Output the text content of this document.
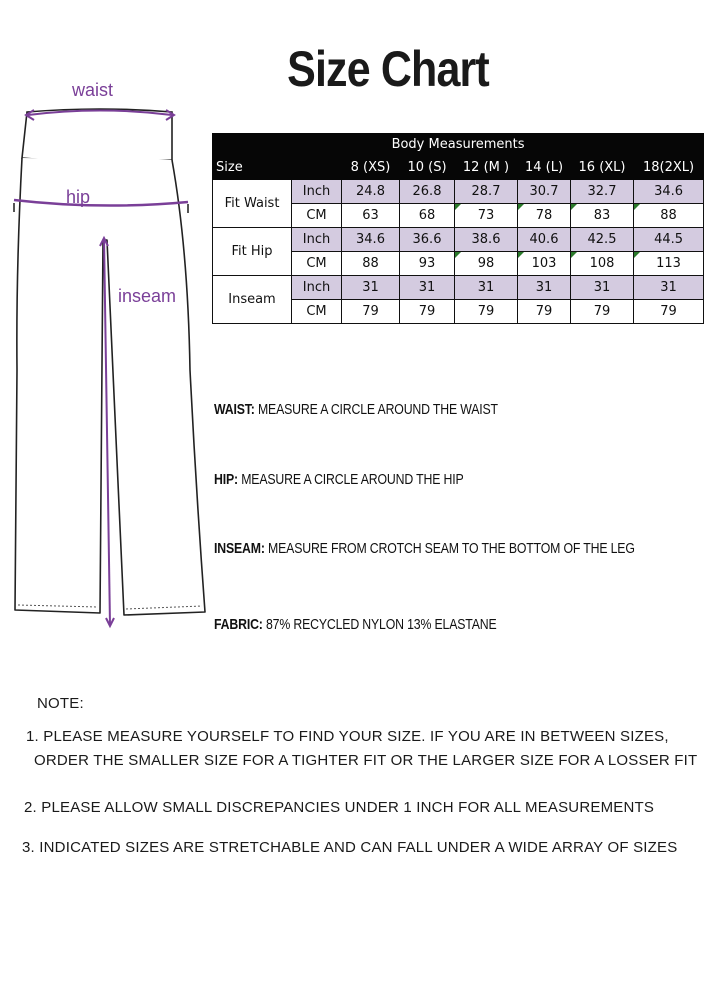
Size Chart
waist
hip
inseam
Body Measurements							
Size		8 (XS)	10 (S)	12 (M )	14 (L)	16 (XL)	18(2XL)
Fit Waist	Inch	24.8	26.8	28.7	30.7	32.7	34.6
	CM	63	68	73	78	83	88
Fit Hip	Inch	34.6	36.6	38.6	40.6	42.5	44.5
	CM	88	93	98	103	108	113
Inseam	Inch	31	31	31	31	31	31
	CM	79	79	79	79	79	79
WAIST: MEASURE A CIRCLE AROUND THE WAIST
HIP: MEASURE A CIRCLE AROUND THE HIP
INSEAM: MEASURE FROM CROTCH SEAM TO THE BOTTOM OF THE LEG
FABRIC: 87% RECYCLED NYLON 13% ELASTANE
NOTE:
1. PLEASE MEASURE YOURSELF TO FIND YOUR SIZE. IF YOU ARE IN BETWEEN SIZES,
ORDER THE SMALLER SIZE FOR A TIGHTER FIT OR THE LARGER SIZE FOR A LOSSER FIT
2. PLEASE ALLOW SMALL DISCREPANCIES UNDER 1 INCH FOR ALL MEASUREMENTS
3. INDICATED SIZES ARE STRETCHABLE AND CAN FALL UNDER A WIDE ARRAY OF SIZES
